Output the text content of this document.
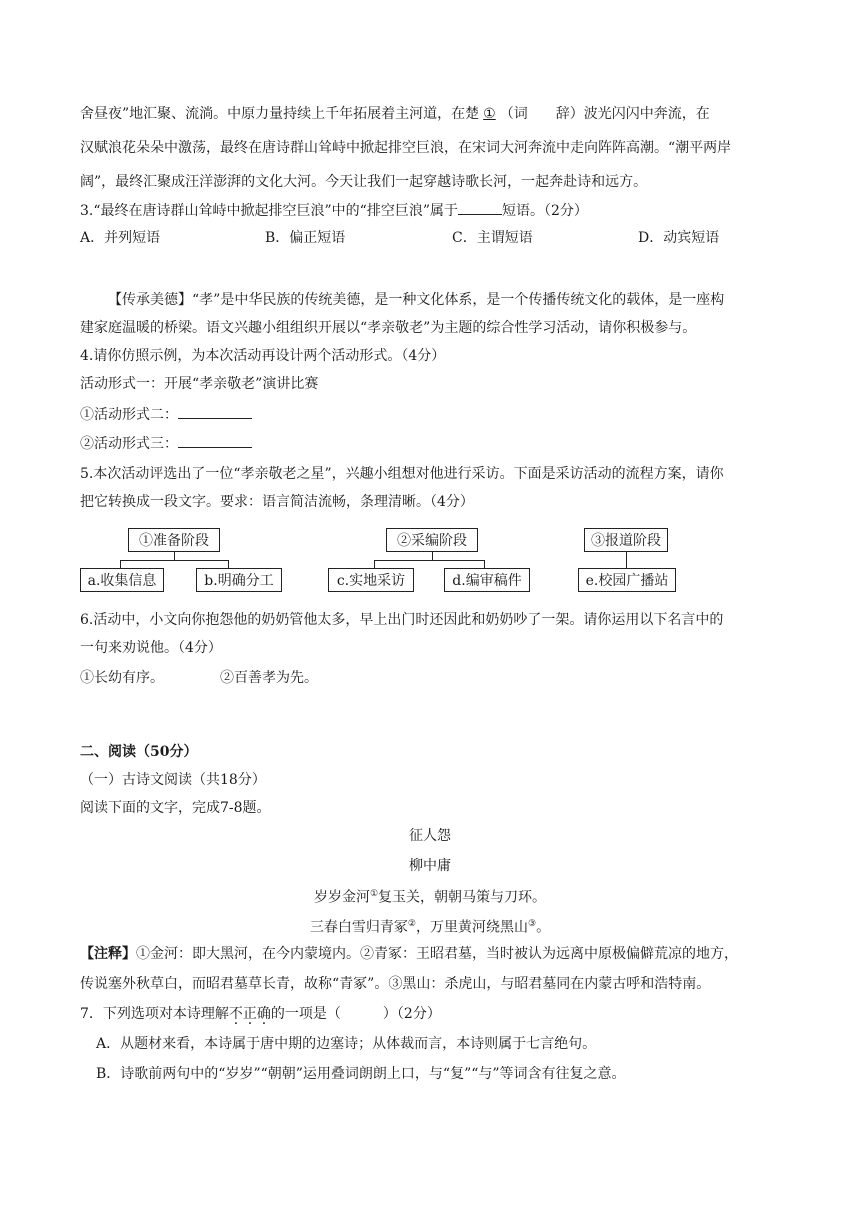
舍昼夜”地汇聚、流淌。中原力量持续上千年拓展着主河道，在楚 ① （词　　辞）波光闪闪中奔流，在
汉赋浪花朵朵中激荡，最终在唐诗群山耸峙中掀起排空巨浪，在宋词大河奔流中走向阵阵高潮。“潮平两岸
阔”，最终汇聚成汪洋澎湃的文化大河。今天让我们一起穿越诗歌长河，一起奔赴诗和远方。
3.“最终在唐诗群山耸峙中掀起排空巨浪”中的“排空巨浪”属于	短语。（2分）
A．并列短语	B．偏正短语	C．主谓短语	D．动宾短语
【传承美德】“孝”是中华民族的传统美德，是一种文化体系，是一个传播传统文化的载体，是一座构
建家庭温暖的桥梁。语文兴趣小组组织开展以“孝亲敬老”为主题的综合性学习活动，请你积极参与。
4.请你仿照示例，为本次活动再设计两个活动形式。（4分）
活动形式一：开展“孝亲敬老”演讲比赛
①活动形式二：
②活动形式三：
5.本次活动评选出了一位“孝亲敬老之星”，兴趣小组想对他进行采访。下面是采访活动的流程方案，请你
把它转换成一段文字。要求：语言简洁流畅，条理清晰。（4分）
①准备阶段
a.收集信息	b.明确分工
②采编阶段
c.实地采访	d.编审稿件
③报道阶段
e.校园广播站
6.活动中，小文向你抱怨他的奶奶管他太多，早上出门时还因此和奶奶吵了一架。请你运用以下名言中的
一句来劝说他。（4分）
①长幼有序。	②百善孝为先。
二、阅读（50分）
（一）古诗文阅读（共18分）
阅读下面的文字，完成7-8题。
征人怨
柳中庸
岁岁金河①复玉关，朝朝马策与刀环。
三春白雪归青冢②，万里黄河绕黑山③。
【注释】①金河：即大黑河，在今内蒙境内。②青冢：王昭君墓，当时被认为远离中原极偏僻荒凉的地方，
传说塞外秋草白，而昭君墓草长青，故称“青冢”。③黑山：杀虎山，与昭君墓同在内蒙古呼和浩特南。
7．下列选项对本诗理解不正确的一项是（　　　）（2分）
A．从题材来看，本诗属于唐中期的边塞诗；从体裁而言，本诗则属于七言绝句。
B．诗歌前两句中的“岁岁”“朝朝”运用叠词朗朗上口，与“复”“与”等词含有往复之意。
